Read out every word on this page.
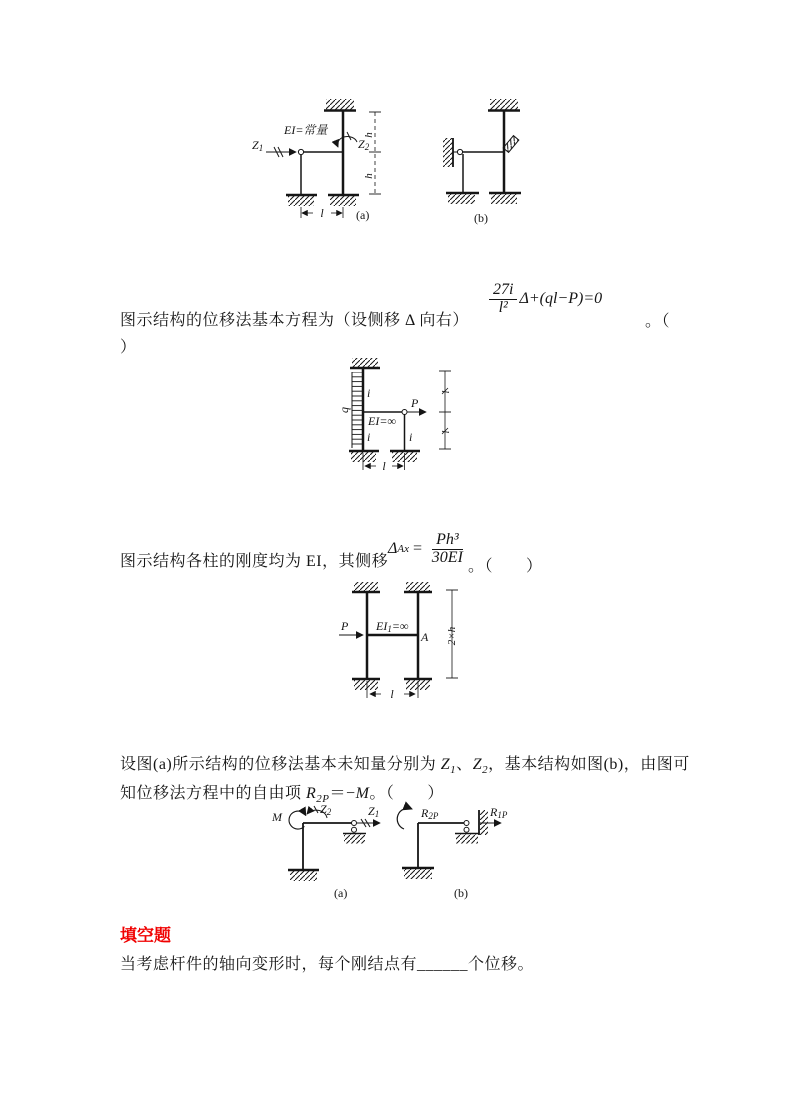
Z1
EI=常量
Z2
h
h
l	(a)	(b)
图示结构的位移法基本方程为（设侧移 Δ 向右）
$\frac{27i}{\text{l²}} \Delta+(ql-P)=0$
。（
）
q
i
i	i
P
EI=∞
l
l
l
图示结构各柱的刚度均为 EI，其侧移
Δ $Ax = \frac{\text{Ph³}}{30EI}$ 。（　　）
P EI1=∞
A 2×h
l
设图(a)所示结构的位移法基本未知量分别为 $Z_1$、$Z_2$，基本结构如图(b)，由图可
知位移法方程中的自由项 $R_{2P}=-M$。（　　）
M
Z2	Z1
(a)
R2P	R1P
(b)
填空题
当考虑杆件的轴向变形时，每个刚结点有______个位移。
